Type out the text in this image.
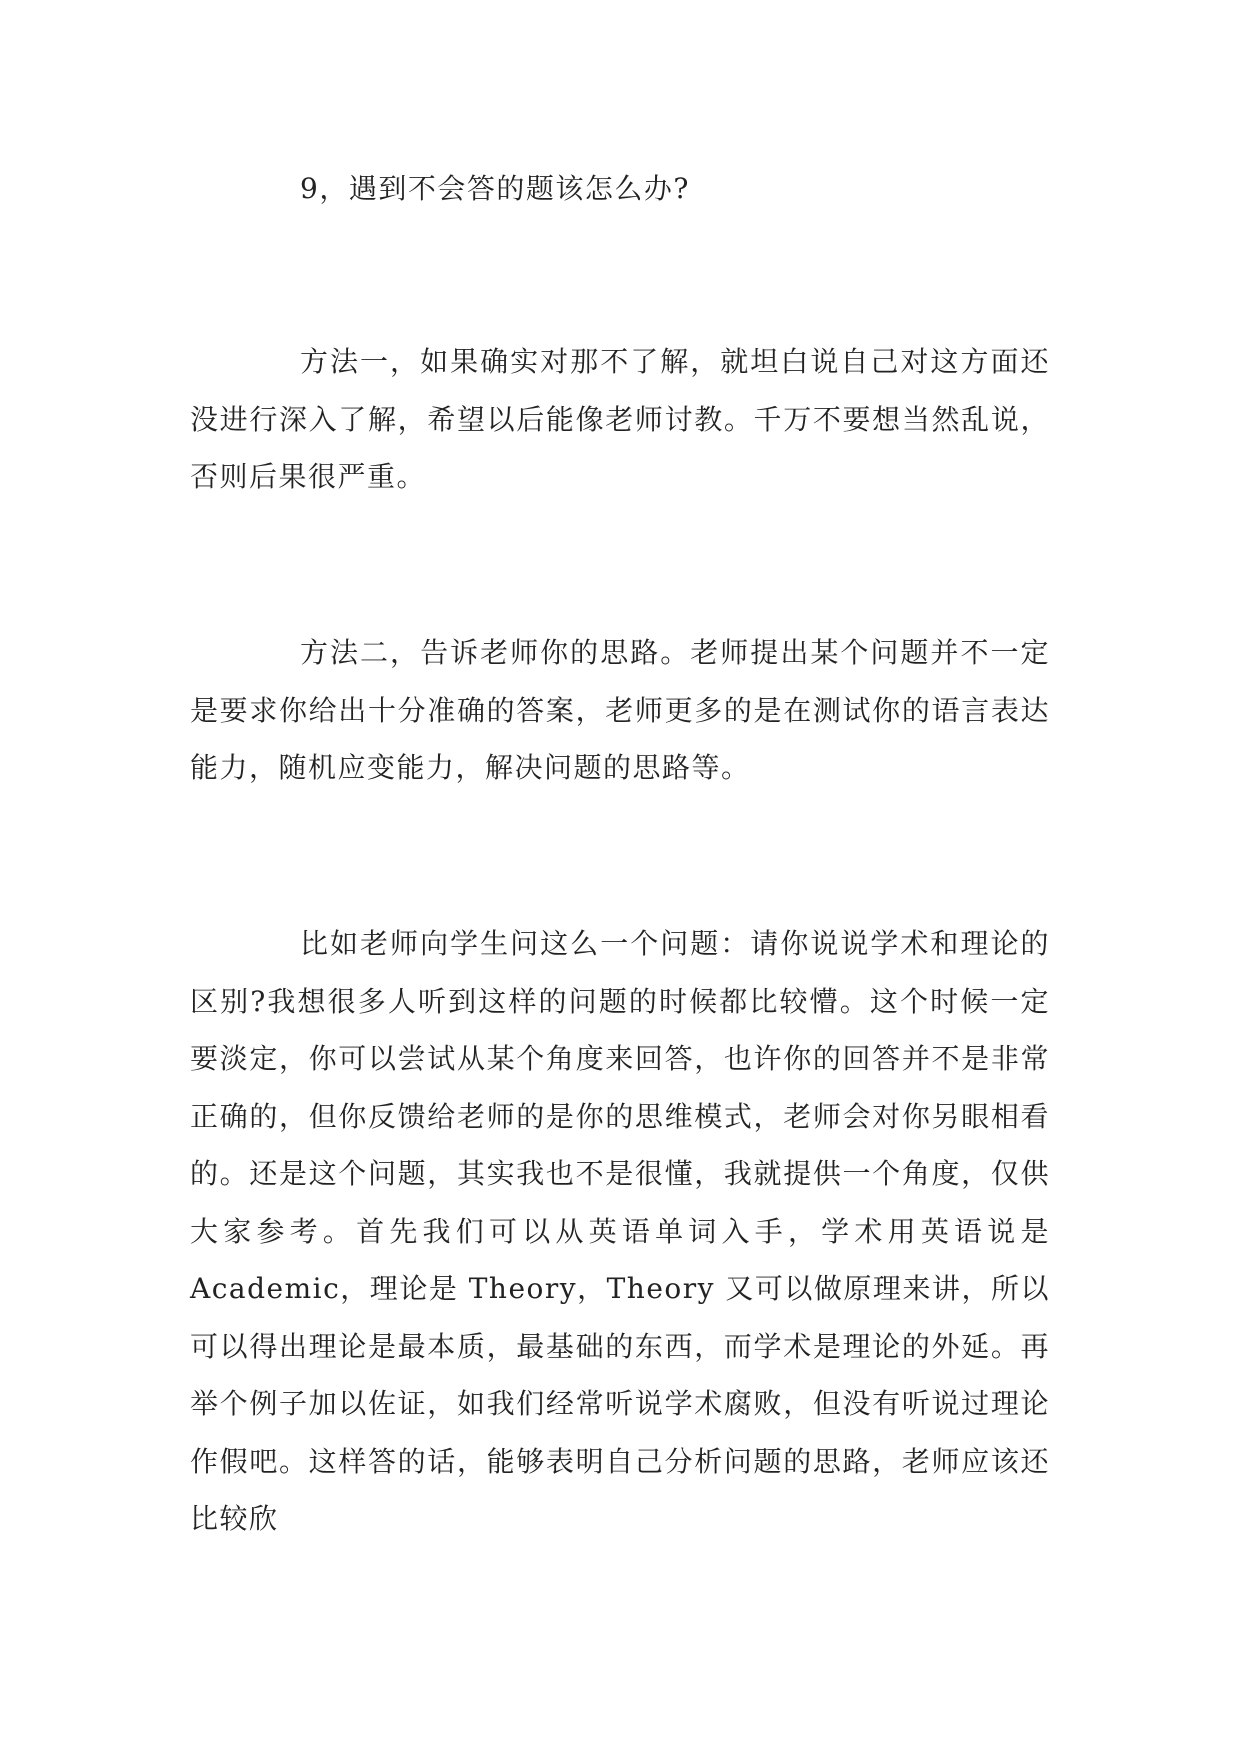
9，遇到不会答的题该怎么办?

方法一，如果确实对那不了解，就坦白说自己对这方面还没进行深入了解，希望以后能像老师讨教。千万不要想当然乱说，否则后果很严重。

方法二，告诉老师你的思路。老师提出某个问题并不一定是要求你给出十分准确的答案，老师更多的是在测试你的语言表达能力，随机应变能力，解决问题的思路等。

比如老师向学生问这么一个问题：请你说说学术和理论的区别?我想很多人听到这样的问题的时候都比较懵。这个时候一定要淡定，你可以尝试从某个角度来回答，也许你的回答并不是非常正确的，但你反馈给老师的是你的思维模式，老师会对你另眼相看的。还是这个问题，其实我也不是很懂，我就提供一个角度，仅供大家参考。首先我们可以从英语单词入手，学术用英语说是 Academic，理论是 Theory，Theory 又可以做原理来讲，所以可以得出理论是最本质，最基础的东西，而学术是理论的外延。再举个例子加以佐证，如我们经常听说学术腐败，但没有听说过理论作假吧。这样答的话，能够表明自己分析问题的思路，老师应该还比较欣
